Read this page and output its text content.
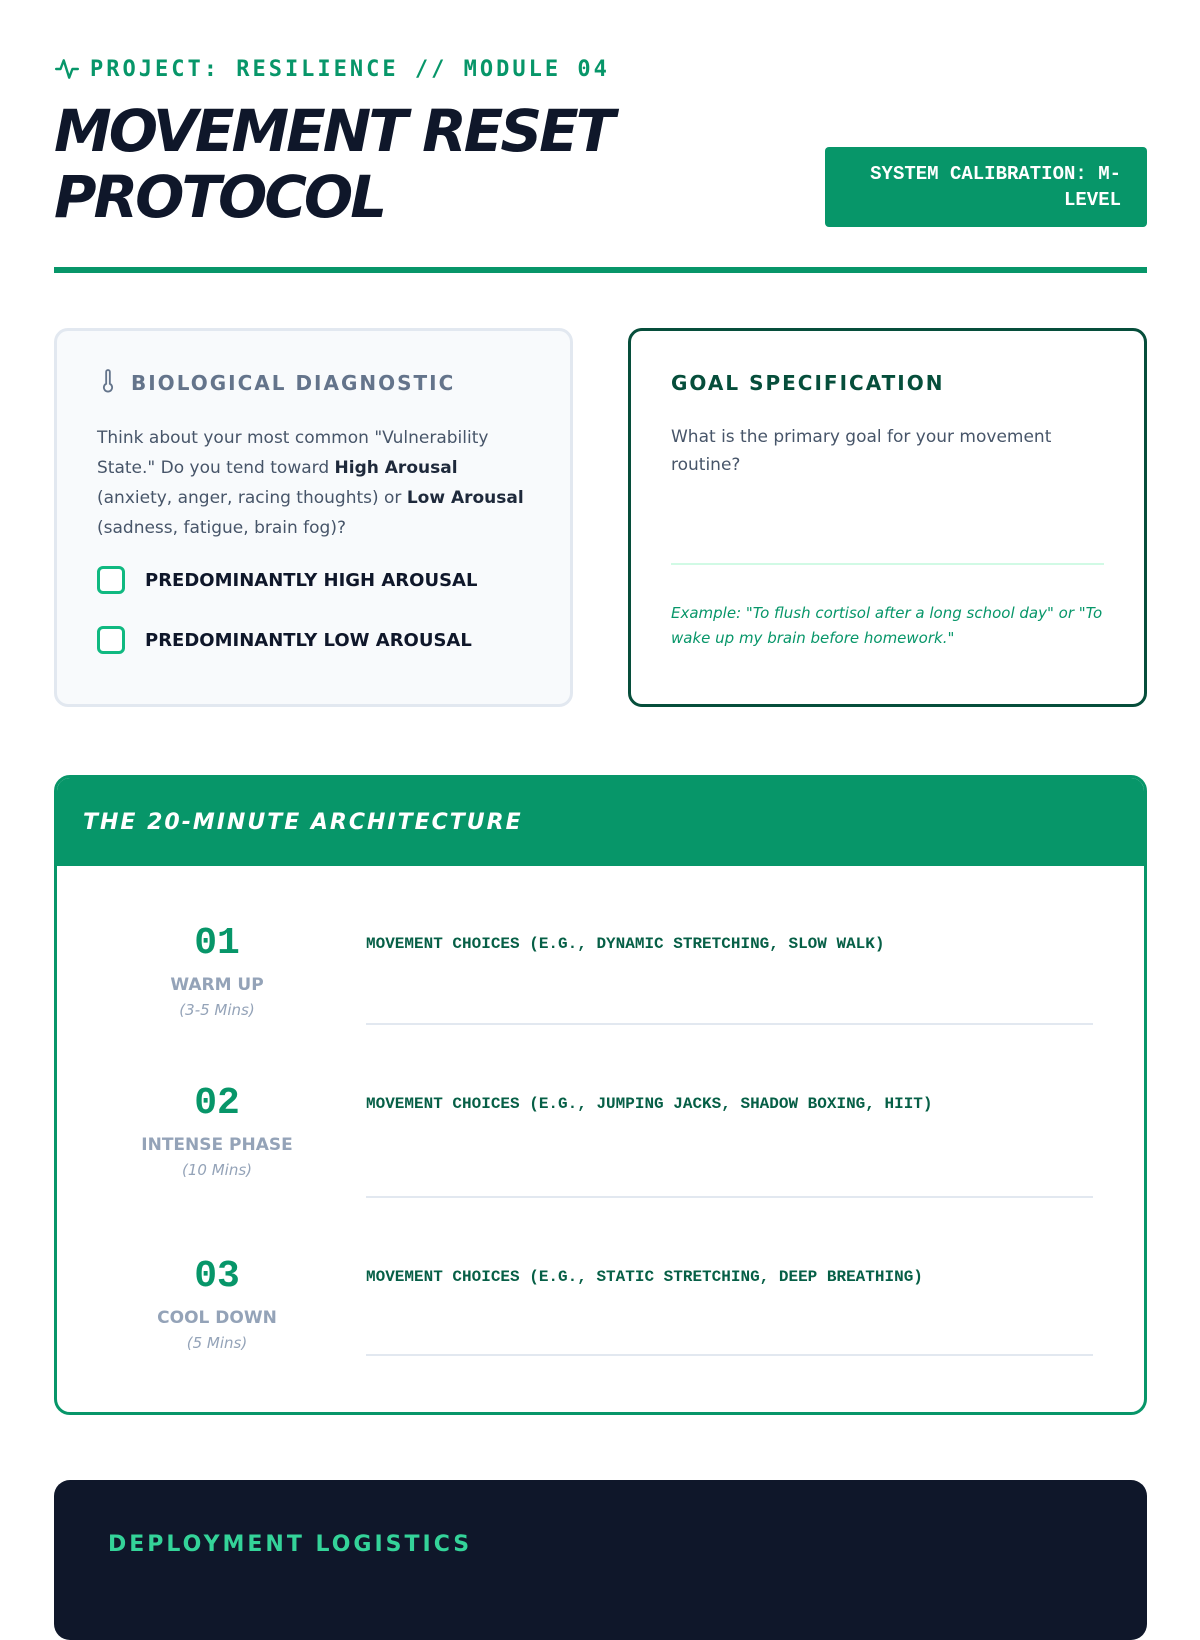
PROJECT: RESILIENCE // MODULE 04
MOVEMENT RESET PROTOCOL	SYSTEM CALIBRATION: M-LEVEL
BIOLOGICAL DIAGNOSTIC
Think about your most common "Vulnerability State." Do you tend toward High Arousal (anxiety, anger, racing thoughts) or Low Arousal (sadness, fatigue, brain fog)?
PREDOMINANTLY HIGH AROUSAL
PREDOMINANTLY LOW AROUSAL
GOAL SPECIFICATION
What is the primary goal for your movement routine?
Example: "To flush cortisol after a long school day" or "To wake up my brain before homework."
THE 20-MINUTE ARCHITECTURE
01
WARM UP
(3-5 Mins)
MOVEMENT CHOICES (E.G., DYNAMIC STRETCHING, SLOW WALK)
02
INTENSE PHASE
(10 Mins)
MOVEMENT CHOICES (E.G., JUMPING JACKS, SHADOW BOXING, HIIT)
03
COOL DOWN
(5 Mins)
MOVEMENT CHOICES (E.G., STATIC STRETCHING, DEEP BREATHING)
DEPLOYMENT LOGISTICS
